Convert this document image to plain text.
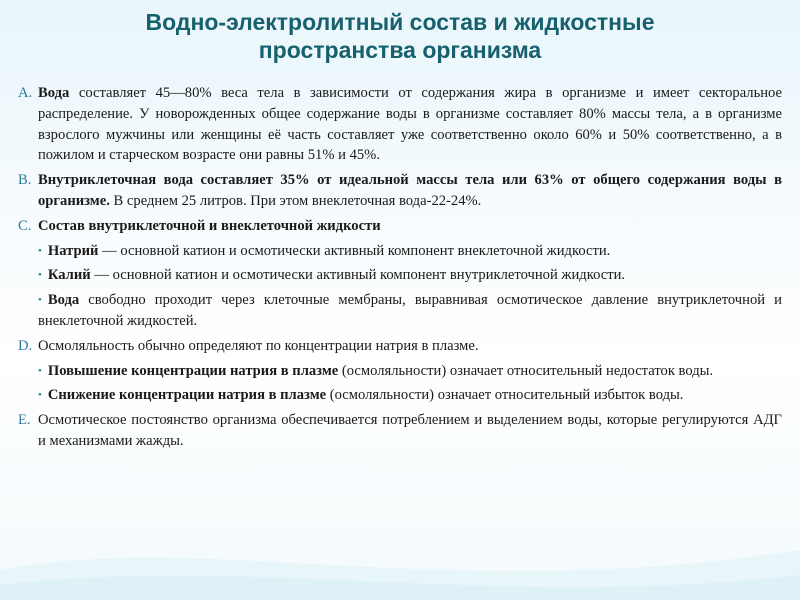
Водно-электролитный состав и жидкостные
пространства организма
A. Вода составляет 45—80% веса тела в зависимости от содержания жира в организме и имеет секторальное распределение. У новорожденных общее содержание воды в организме составляет 80% массы тела, а в организме взрослого мужчины или женщины её часть составляет уже соответственно около 60% и 50% соответственно, а в пожилом и старческом возрасте они равны 51% и 45%.
B. Внутриклеточная вода составляет 35% от идеальной массы тела или 63% от общего содержания воды в организме. В среднем 25 литров. При этом внеклеточная вода-22-24%.
C. Состав внутриклеточной и внеклеточной жидкости
• Натрий — основной катион и осмотически активный компонент внеклеточной жидкости.
• Калий — основной катион и осмотически активный компонент внутриклеточной жидкости.
• Вода свободно проходит через клеточные мембраны, выравнивая осмотическое давление внутриклеточной и внеклеточной жидкостей.
D. Осмоляльность обычно определяют по концентрации натрия в плазме.
• Повышение концентрации натрия в плазме (осмоляльности) означает относительный недостаток воды.
• Снижение концентрации натрия в плазме (осмоляльности) означает относительный избыток воды.
E. Осмотическое постоянство организма обеспечивается потреблением и выделением воды, которые регулируются АДГ и механизмами жажды.
